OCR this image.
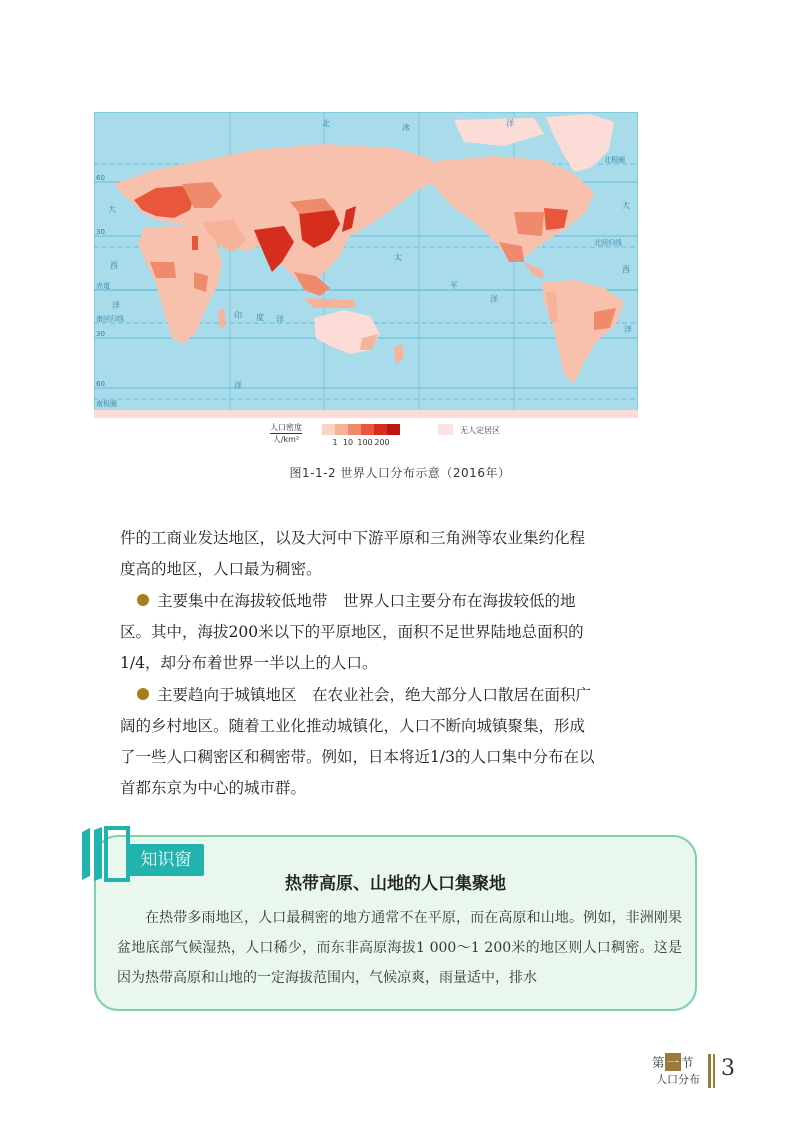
北	冰	洋
大
西
洋
太
平
洋
印 度 洋
大
西
洋
洋
北极圈
北回归线
南回归线
南极圈
赤道
60
30
30
60
人口密度
人/km²	1 10 100 200
无人定居区
图1-1-2 世界人口分布示意（2016年）
件的工商业发达地区，以及大河中下游平原和三角洲等农业集约化程度高的地区，人口最为稠密。
主要集中在海拔较低地带  世界人口主要分布在海拔较低的地区。其中，海拔200米以下的平原地区，面积不足世界陆地总面积的1/4，却分布着世界一半以上的人口。
主要趋向于城镇地区  在农业社会，绝大部分人口散居在面积广阔的乡村地区。随着工业化推动城镇化，人口不断向城镇聚集，形成了一些人口稠密区和稠密带。例如，日本将近1/3的人口集中分布在以首都东京为中心的城市群。
知识窗
热带高原、山地的人口集聚地
在热带多雨地区，人口最稠密的地方通常不在平原，而在高原和山地。例如，非洲刚果盆地底部气候湿热，人口稀少，而东非高原海拔1 000～1 200米的地区则人口稠密。这是因为热带高原和山地的一定海拔范围内，气候凉爽，雨量适中，排水
第 一 节
人口分布 3
